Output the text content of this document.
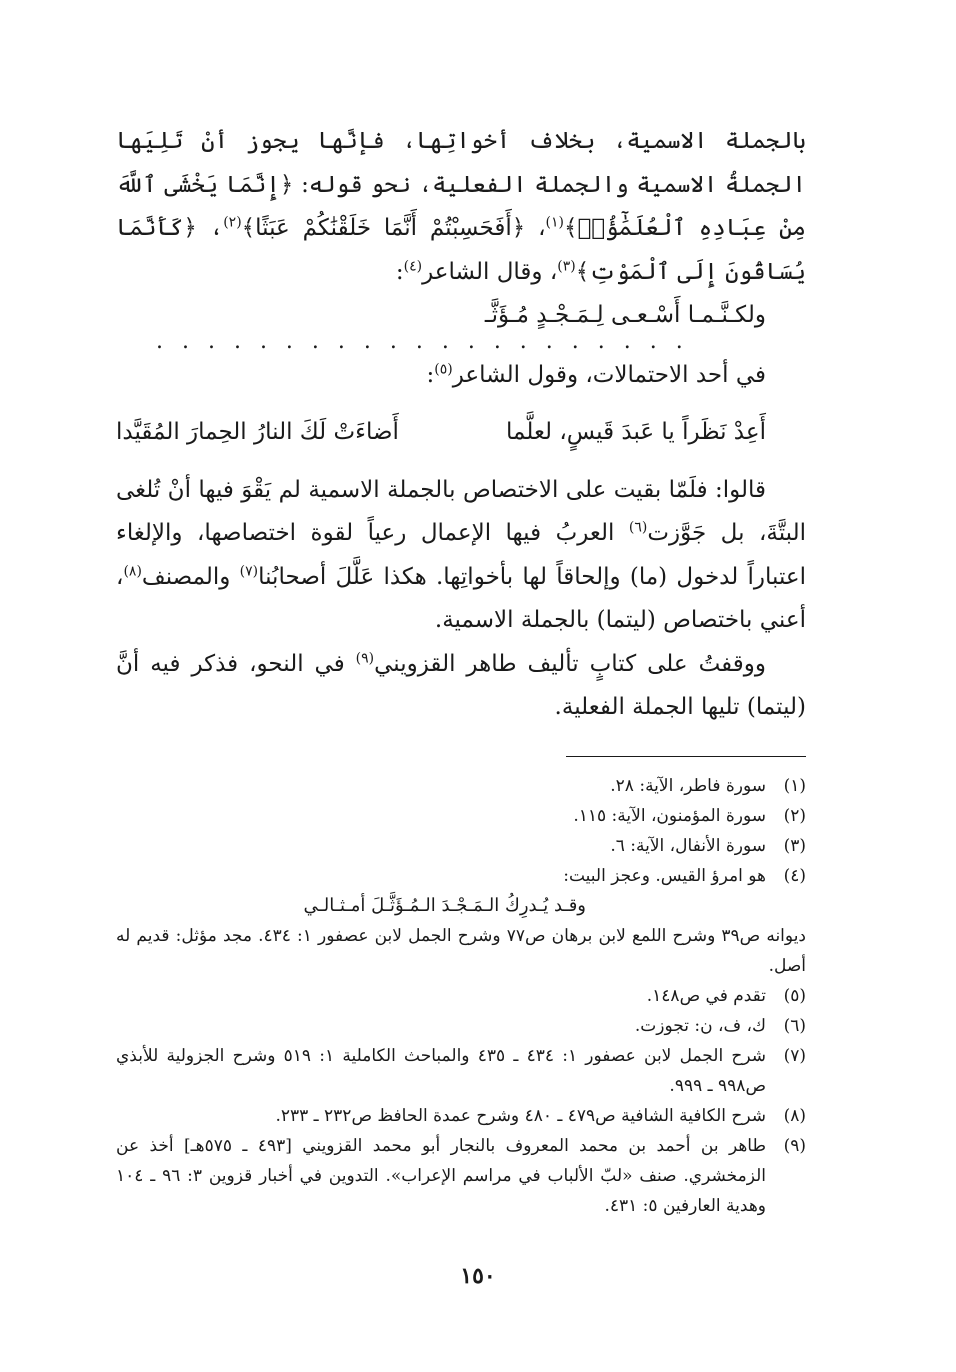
بالجملة الاسمية، بخلاف أخواتِها، فإنَّها يجوز أنْ تَلِيَها الجملةُ الاسمية والجملة الفعلية، نحو قوله: ﴿إِنَّمَا يَخْشَى ٱللَّهَ مِنْ عِبَادِهِ ٱلْعُلَمَٰٓؤُا۟﴾$^{(١)}$، ﴿أَفَحَسِبْتُمْ أَنَّمَا خَلَقْنَٰكُمْ عَبَثًا﴾$^{(٢)}$، ﴿كَأَنَّمَا يُسَاقُونَ إِلَى ٱلْمَوْتِ﴾$^{(٣)}$، وقال الشاعر$^{(٤)}$:

ولكـنَّـمـا أَسْـعـى لِـمَـجْـدٍ مُـؤَثَّـ
. . . . . . . . . . . . . . . . . . . . .

في أحد الاحتمالات، وقول الشاعر$^{(٥)}$:

أَعِدْ نَظَراً يا عَبدَ قَيسٍ، لعلَّما
أَضاءَتْ لَكَ النارُ الحِمارَ المُقَيَّدا

قالوا: فلَمّا بقيت على الاختصاص بالجملة الاسمية لم يَقْوَ فيها أنْ تُلغى البتَّةَ، بل جَوَّزت$^{(٦)}$ العربُ فيها الإعمال رعياً لقوة اختصاصها، والإلغاء اعتباراً لدخول (ما) وإلحاقاً لها بأخواتِها. هكذا عَلَّلَ أصحابُنا$^{(٧)}$ والمصنف$^{(٨)}$، أعني باختصاص (ليتما) بالجملة الاسمية.

ووقفتُ على كتابٍ تأليف طاهر القزويني$^{(٩)}$ في النحو، فذكر فيه أنَّ (ليتما) تليها الجملة الفعلية.

(١)
سورة فاطر، الآية: ٢٨.
(٢)
سورة المؤمنون، الآية: ١١٥.
(٣)
سورة الأنفال، الآية: ٦.
(٤)
هو امرؤ القيس. وعجز البيت:
وقـد يُـدرِكُ الـمَـجْـدَ الـمُـؤَثَّـلَ أمـثـالـي
ديوانه ص٣٩ وشرح اللمع لابن برهان ص٧٧ وشرح الجمل لابن عصفور ١: ٤٣٤. مجد مؤثل: قديم له أصل.
(٥)
تقدم في ص١٤٨.
(٦)
ك، ف، ن: تجوزت.
(٧)
شرح الجمل لابن عصفور ١: ٤٣٤ ـ ٤٣٥ والمباحث الكاملية ١: ٥١٩ وشرح الجزولية للأبذي ص٩٩٨ ـ ٩٩٩.
(٨)
شرح الكافية الشافية ص٤٧٩ ـ ٤٨٠ وشرح عمدة الحافظ ص٢٣٢ ـ ٢٣٣.
(٩)
طاهر بن أحمد بن محمد المعروف بالنجار أبو محمد القزويني [٤٩٣ ـ ٥٧٥هـ] أخذ عن الزمخشري. صنف «لبّ الألباب في مراسم الإعراب». التدوين في أخبار قزوين ٣: ٩٦ ـ ١٠٤ وهدية العارفين ٥: ٤٣١.
١٥٠
